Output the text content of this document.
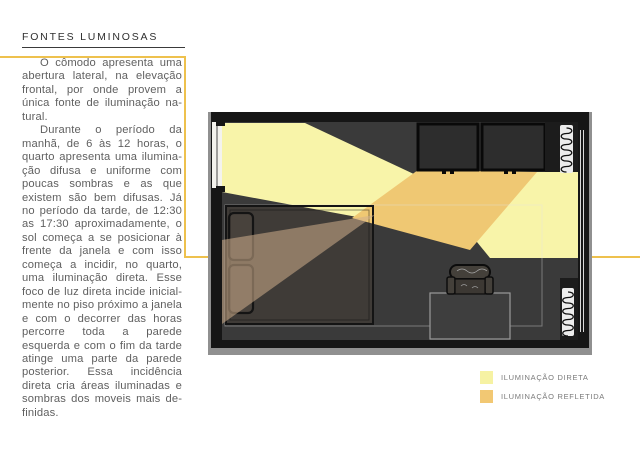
FONTES LUMINOSAS

O cômodo apresenta uma abertura lateral, na elevação frontal, por onde provem a única fonte de iluminação natural.

Durante o período da manhã, de 6 às 12 horas, o quarto apresenta uma iluminação difusa e uniforme com poucas sombras e as que existem são bem difusas. Já no período da tarde, de 12:30 as 17:30 aproximadamente, o sol começa a se posicionar à frente da janela e com isso começa a incidir, no quarto, uma iluminação direta. Esse foco de luz direta incide inicialmente no piso próximo a janela e com o decorrer das horas percorre toda a parede esquerda e com o fim da tarde atinge uma parte da parede posterior. Essa incidência direta cria áreas iluminadas e sombras dos moveis mais definidas.

ILUMINAÇÃO DIRETA
ILUMINAÇÃO REFLETIDA
